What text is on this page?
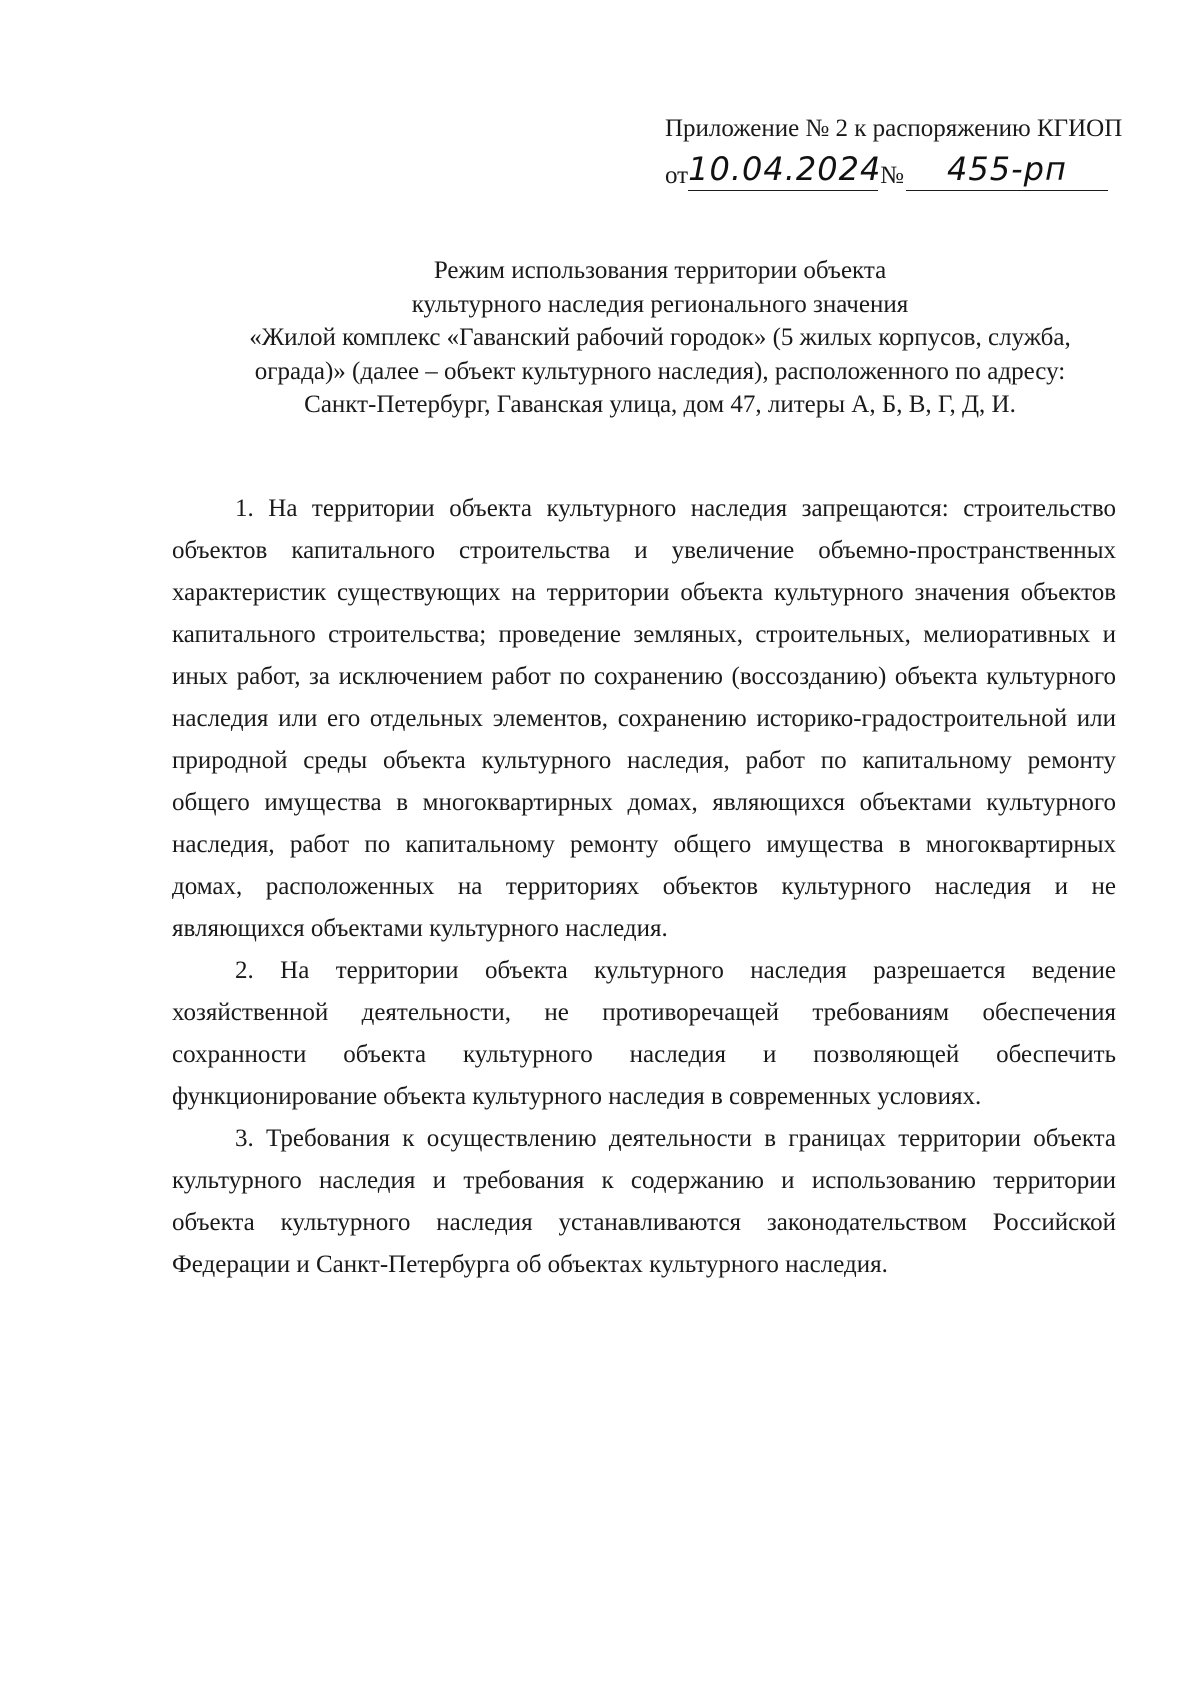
Приложение № 2 к распоряжению КГИОП
от 10.04.2024
№	455-рп
Режим использования территории объекта
культурного наследия регионального значения
«Жилой комплекс «Гаванский рабочий городок» (5 жилых корпусов, служба,
ограда)» (далее – объект культурного наследия), расположенного по адресу:
Санкт-Петербург, Гаванская улица, дом 47, литеры А, Б, В, Г, Д, И.

1. На территории объекта культурного наследия запрещаются: строительство объектов капитального строительства и увеличение объемно-пространственных характеристик существующих на территории объекта культурного значения объектов капитального строительства; проведение земляных, строительных, мелиоративных и иных работ, за исключением работ по сохранению (воссозданию) объекта культурного наследия или его отдельных элементов, сохранению историко-градостроительной или природной среды объекта культурного наследия, работ по капитальному ремонту общего имущества в многоквартирных домах, являющихся объектами культурного наследия, работ по капитальному ремонту общего имущества в многоквартирных домах, расположенных на территориях объектов культурного наследия и не являющихся объектами культурного наследия.

2. На территории объекта культурного наследия разрешается ведение хозяйственной деятельности, не противоречащей требованиям обеспечения сохранности объекта культурного наследия и позволяющей обеспечить функционирование объекта культурного наследия в современных условиях.

3. Требования к осуществлению деятельности в границах территории объекта культурного наследия и требования к содержанию и использованию территории объекта культурного наследия устанавливаются законодательством Российской Федерации и Санкт-Петербурга об объектах культурного наследия.
